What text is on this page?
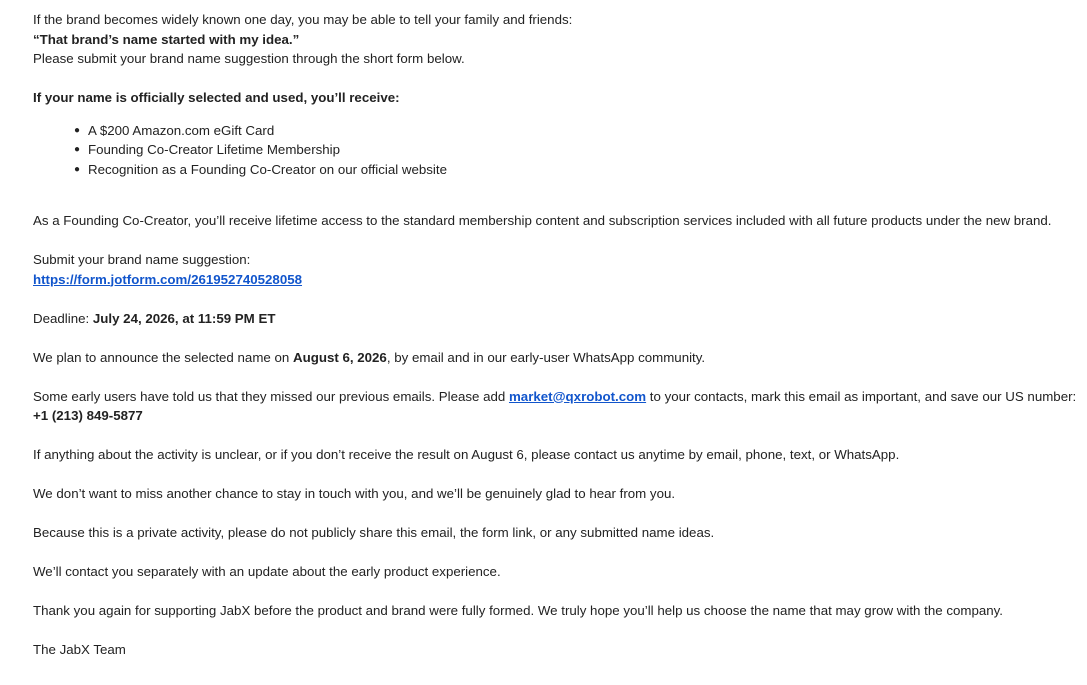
If the brand becomes widely known one day, you may be able to tell your family and friends:
“That brand’s name started with my idea.”
Please submit your brand name suggestion through the short form below.
If your name is officially selected and used, you’ll receive:
● A $200 Amazon.com eGift Card
● Founding Co-Creator Lifetime Membership
● Recognition as a Founding Co-Creator on our official website
As a Founding Co-Creator, you’ll receive lifetime access to the standard membership content and subscription services included with all future products under the new brand.
Submit your brand name suggestion:
https://form.jotform.com/261952740528058
Deadline: July 24, 2026, at 11:59 PM ET
We plan to announce the selected name on August 6, 2026, by email and in our early-user WhatsApp community.
Some early users have told us that they missed our previous emails. Please add market@qxrobot.com to your contacts, mark this email as important, and save our US number:
+1 (213) 849-5877
If anything about the activity is unclear, or if you don’t receive the result on August 6, please contact us anytime by email, phone, text, or WhatsApp.
We don’t want to miss another chance to stay in touch with you, and we’ll be genuinely glad to hear from you.
Because this is a private activity, please do not publicly share this email, the form link, or any submitted name ideas.
We’ll contact you separately with an update about the early product experience.
Thank you again for supporting JabX before the product and brand were fully formed. We truly hope you’ll help us choose the name that may grow with the company.
The JabX Team
